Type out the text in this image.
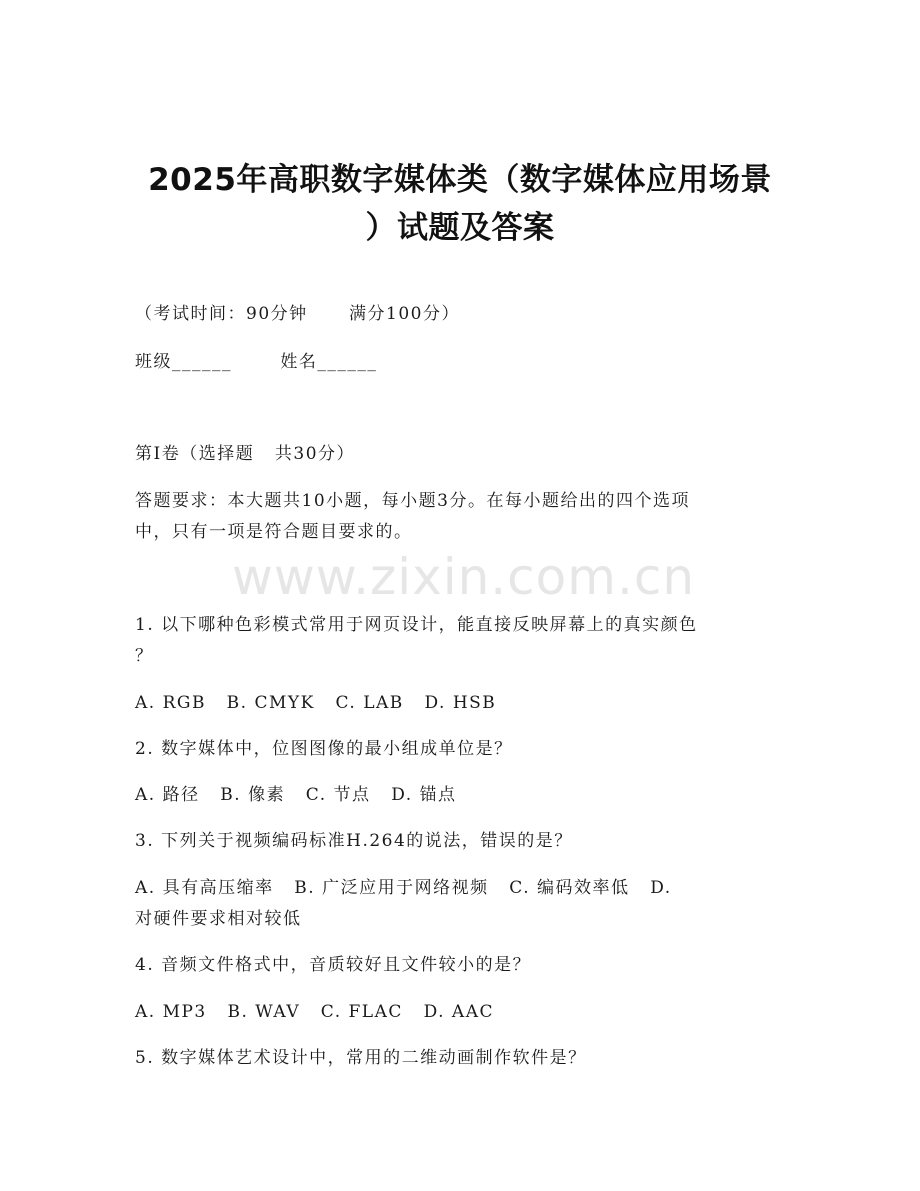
www.zixin.com.cn
2025年高职数字媒体类（数字媒体应用场景
）试题及答案
（考试时间：90分钟      满分100分）
班级______       姓名______
第Ⅰ卷（选择题   共30分）
答题要求：本大题共10小题，每小题3分。在每小题给出的四个选项
中，只有一项是符合题目要求的。
1. 以下哪种色彩模式常用于网页设计，能直接反映屏幕上的真实颜色
？
A. RGB   B. CMYK   C. LAB   D. HSB
2. 数字媒体中，位图图像的最小组成单位是？
A. 路径   B. 像素   C. 节点   D. 锚点
3. 下列关于视频编码标准H.264的说法，错误的是？
A. 具有高压缩率   B. 广泛应用于网络视频   C. 编码效率低   D.
对硬件要求相对较低
4. 音频文件格式中，音质较好且文件较小的是？
A. MP3   B. WAV   C. FLAC   D. AAC
5. 数字媒体艺术设计中，常用的二维动画制作软件是？
